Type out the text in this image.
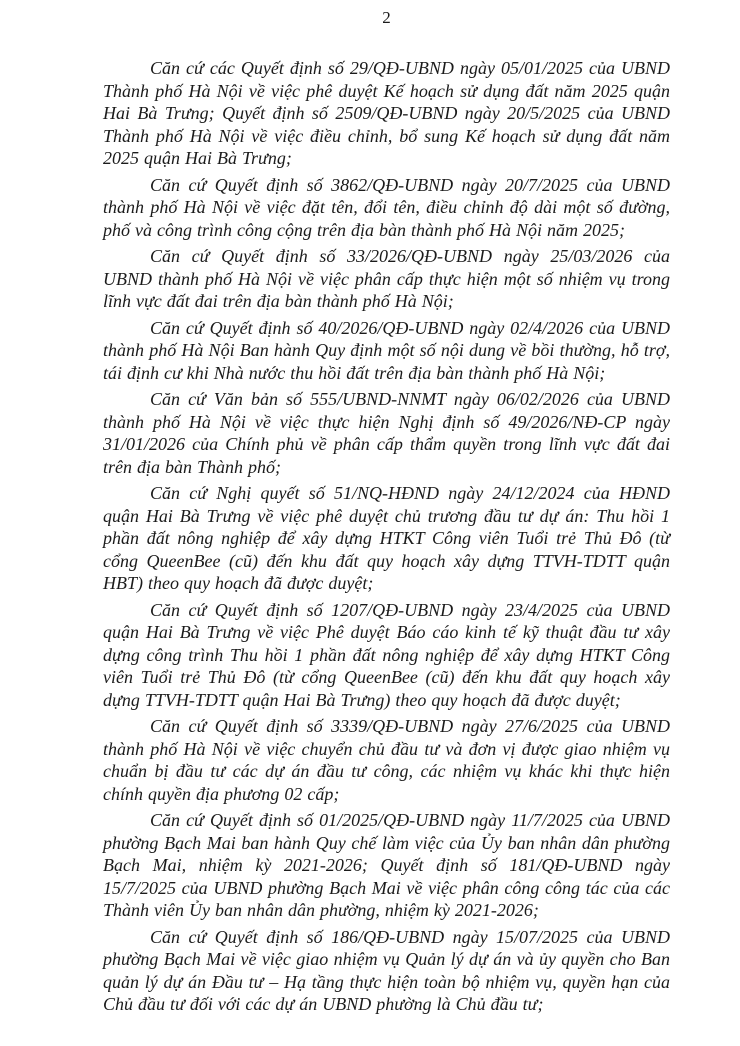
2

Căn cứ các Quyết định số 29/QĐ-UBND ngày 05/01/2025 của UBND Thành phố Hà Nội về việc phê duyệt Kế hoạch sử dụng đất năm 2025 quận Hai Bà Trưng; Quyết định số 2509/QĐ-UBND ngày 20/5/2025 của UBND Thành phố Hà Nội về việc điều chỉnh, bổ sung Kế hoạch sử dụng đất năm 2025 quận Hai Bà Trưng;

Căn cứ Quyết định số 3862/QĐ-UBND ngày 20/7/2025 của UBND thành phố Hà Nội về việc đặt tên, đổi tên, điều chỉnh độ dài một số đường, phố và công trình công cộng trên địa bàn thành phố Hà Nội năm 2025;

Căn cứ Quyết định số 33/2026/QĐ-UBND ngày 25/03/2026 của UBND thành phố Hà Nội về việc phân cấp thực hiện một số nhiệm vụ trong lĩnh vực đất đai trên địa bàn thành phố Hà Nội;

Căn cứ Quyết định số 40/2026/QĐ-UBND ngày 02/4/2026 của UBND thành phố Hà Nội Ban hành Quy định một số nội dung về bồi thường, hỗ trợ, tái định cư khi Nhà nước thu hồi đất trên địa bàn thành phố Hà Nội;

Căn cứ Văn bản số 555/UBND-NNMT ngày 06/02/2026 của UBND thành phố Hà Nội về việc thực hiện Nghị định số 49/2026/NĐ-CP ngày 31/01/2026 của Chính phủ về phân cấp thẩm quyền trong lĩnh vực đất đai trên địa bàn Thành phố;

Căn cứ Nghị quyết số 51/NQ-HĐND ngày 24/12/2024 của HĐND quận Hai Bà Trưng về việc phê duyệt chủ trương đầu tư dự án: Thu hồi 1 phần đất nông nghiệp để xây dựng HTKT Công viên Tuổi trẻ Thủ Đô (từ cổng QueenBee (cũ) đến khu đất quy hoạch xây dựng TTVH-TDTT quận HBT) theo quy hoạch đã được duyệt;

Căn cứ Quyết định số 1207/QĐ-UBND ngày 23/4/2025 của UBND quận Hai Bà Trưng về việc Phê duyệt Báo cáo kinh tế kỹ thuật đầu tư xây dựng công trình Thu hồi 1 phần đất nông nghiệp để xây dựng HTKT Công viên Tuổi trẻ Thủ Đô (từ cổng QueenBee (cũ) đến khu đất quy hoạch xây dựng TTVH-TDTT quận Hai Bà Trưng) theo quy hoạch đã được duyệt;

Căn cứ Quyết định số 3339/QĐ-UBND ngày 27/6/2025 của UBND thành phố Hà Nội về việc chuyển chủ đầu tư và đơn vị được giao nhiệm vụ chuẩn bị đầu tư các dự án đầu tư công, các nhiệm vụ khác khi thực hiện chính quyền địa phương 02 cấp;

Căn cứ Quyết định số 01/2025/QĐ-UBND ngày 11/7/2025 của UBND phường Bạch Mai ban hành Quy chế làm việc của Ủy ban nhân dân phường Bạch Mai, nhiệm kỳ 2021-2026; Quyết định số 181/QĐ-UBND ngày 15/7/2025 của UBND phường Bạch Mai về việc phân công công tác của các Thành viên Ủy ban nhân dân phường, nhiệm kỳ 2021-2026;

Căn cứ Quyết định số 186/QĐ-UBND ngày 15/07/2025 của UBND phường Bạch Mai về việc giao nhiệm vụ Quản lý dự án và ủy quyền cho Ban quản lý dự án Đầu tư – Hạ tầng thực hiện toàn bộ nhiệm vụ, quyền hạn của Chủ đầu tư đối với các dự án UBND phường là Chủ đầu tư;
